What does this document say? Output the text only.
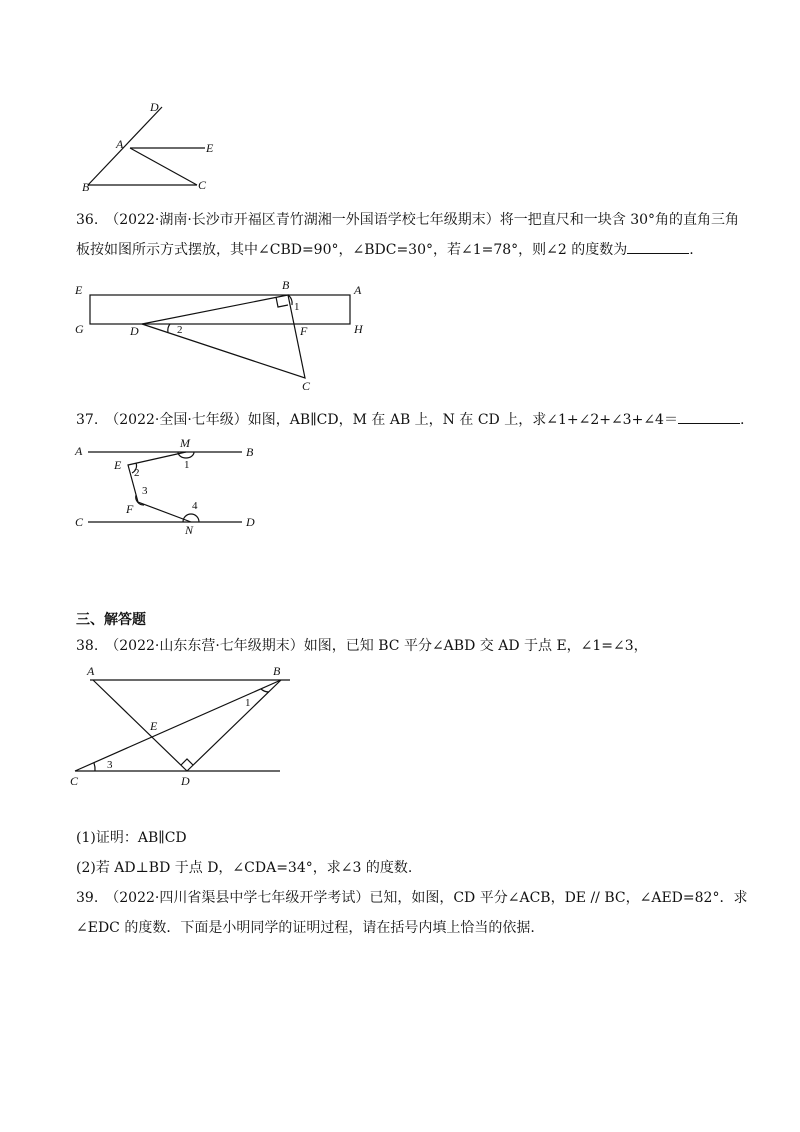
D
A	E
B	C
36.　 （2022·湖南·长沙市开福区青竹湖湘一外国语学校七年级期末）将一把直尺和一块含 30°角的直角三角
板按如图所示方式摆放，其中∠CBD=90°，∠BDC=30°，若∠1=78°，则∠2 的度数为	.
E	B	A
G	D	F	H
C
1
2
37.　 （2022·全国·七年级）如图，AB∥CD，M 在 AB 上，N 在 CD 上，求∠1+∠2+∠3+∠4＝	.
A
M
B
E	1
2
3
F	4
C
N
D
三、解答题
38.　 （2022·山东东营·七年级期末）如图，已知 BC 平分∠ABD 交 AD 于点 E，∠1=∠3，
A	B
E
1
C
3
D
(1)证明：AB∥CD
(2)若 AD⊥BD 于点 D，∠CDA=34°，求∠3 的度数.
39.　 （2022·四川省渠县中学七年级开学考试）已知，如图，CD 平分∠ACB，DE // BC，∠AED=82°．求
∠EDC 的度数．下面是小明同学的证明过程，请在括号内填上恰当的依据.
